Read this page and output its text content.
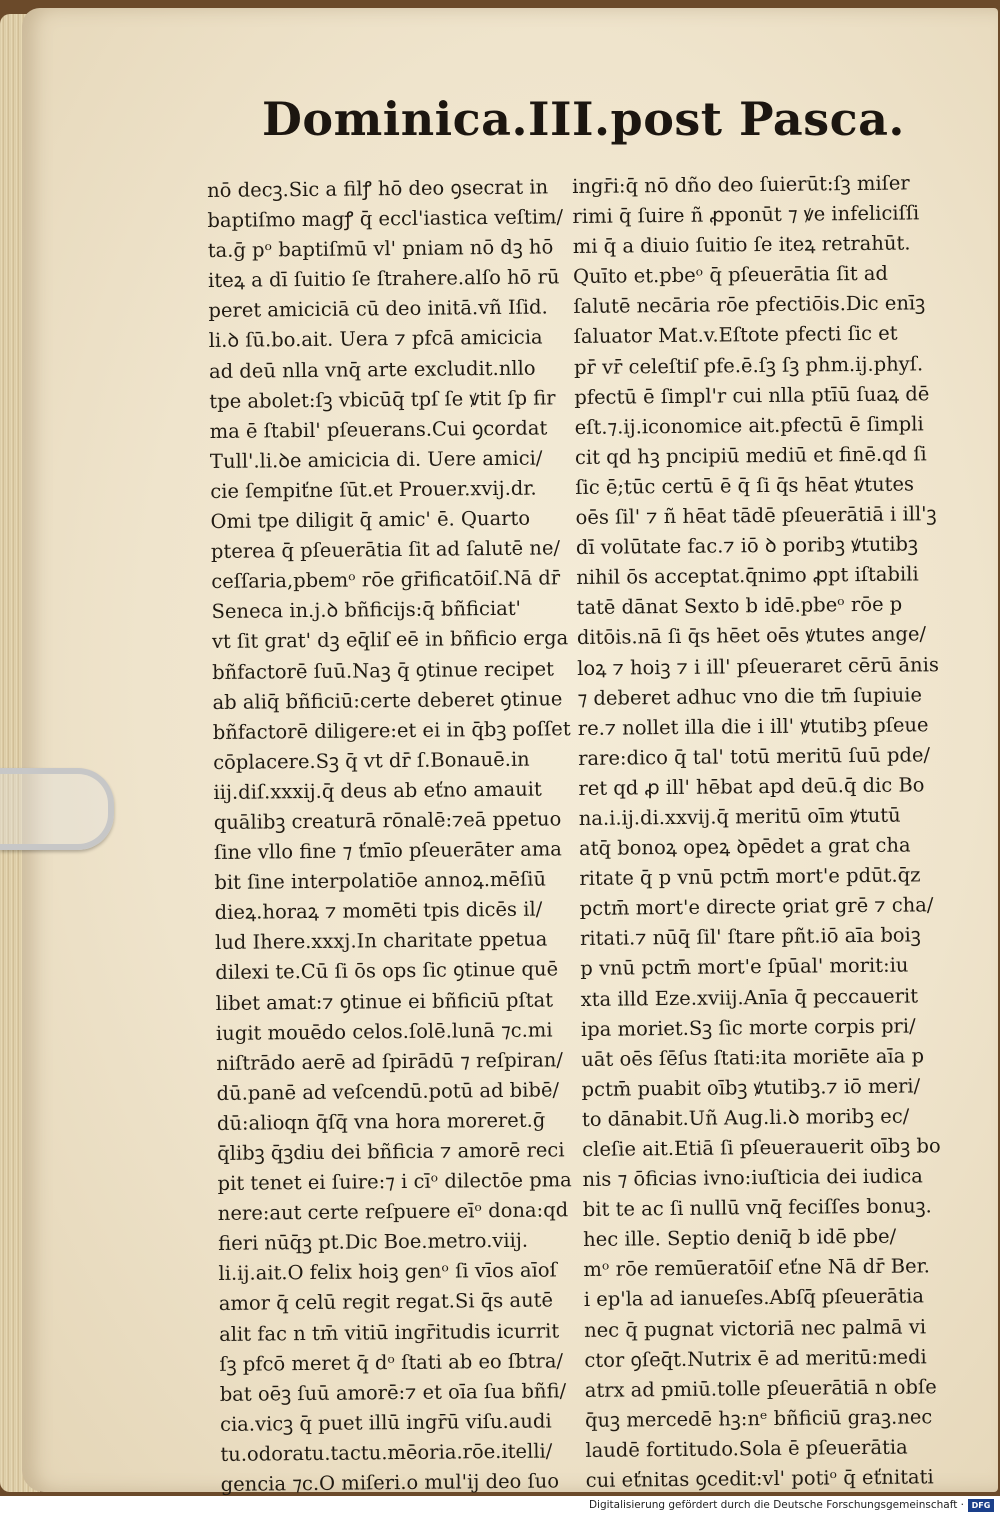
Dominica.III.post Pasca.
nō decꝫ.Sic a filꝭ hō deo ꝯsecrat in
baptiſmo magꝭ q̄ eccl'iastica veſtim/
ta.ḡ pᵒ baptiſmū vl' pniam nō dꝫ hō
iteꝝ a dī ſuitio ſe ſtrahere.alſo hō rū
peret amiciciā cū deo initā.vñ Iſid.
li.ꝺ ſū.bo.ait. Uera ⁊ pfcā amicicia
ad deū nlla vnq̄ arte excludit.nllo
tpe abolet:ſꝫ vbicūq̄ tpſ ſe ꝟtit ſp fir
ma ē ſtabil' pſeuerans.Cui ꝯcordat
Tull'.li.ꝺe amicicia di. Uere amici/
cie ſempiťne ſūt.et Prouer.xvij.dr.
Omi tpe diligit q̄ amic' ē. Quarto
pterea q̄ pſeuerātia ſit ad ſalutē ne/
ceſſaria,pbemᵒ rōe gr̄ificatōiſ.Nā dr̄
Seneca in.j.ꝺ bñficijs:q̄ bñficiat'
vt ſit grat' dꝫ eq̄liſ eē in bñficio erga
bñfactorē ſuū.Naꝫ q̄ ꝯtinue recipet
ab aliq̄ bñficiū:certe deberet ꝯtinue
bñfactorē diligere:et ei in q̄bꝫ poſſet
cōplacere.Sꝫ q̄ vt dr̄ ſ.Bonauē.in
iij.diſ.xxxij.q̄ deus ab eťno amauit
quālibꝫ creaturā rōnalē:⁊eā ppetuo
ſine vllo fine ⁊ ťmīo pſeuerāter ama
bit ſine interpolatiōe annoꝝ.mēſiū
dieꝝ.horaꝝ ⁊ momēti tpis dicēs il/
lud Ihere.xxxj.In charitate ppetua
dilexi te.Cū ſi ōs ops ſic ꝯtinue quē
libet amat:⁊ ꝯtinue ei bñficiū pſtat
iugit mouēdo celos.ſolē.lunā ⁊c.mi
niſtrādo aerē ad ſpirādū ⁊ reſpiran/
dū.panē ad veſcendū.potū ad bibē/
dū:alioqn q̄ſq̄ vna hora moreret.ḡ
q̄libꝫ q̄ꝫdiu dei bñficia ⁊ amorē reci
pit tenet ei ſuire:⁊ i cīᵒ dilectōe pma
nere:aut certe reſpuere eīᵒ dona:qd
fieri nūq̄ꝫ pt.Dic Boe.metro.viij.
li.ij.ait.O felix hoiꝫ genᵒ ſi vīos aīoſ
amor q̄ celū regit regat.Si q̄s autē
alit fac n tm̄ vitiū ingr̄itudis icurrit
ſꝫ pfcō meret q̄ dᵒ ſtati ab eo ſbtra/
bat oēꝫ ſuū amorē:⁊ et oīa ſua bñfi/
cia.vicꝫ q̄ puet illū ingr̄ū viſu.audi
tu.odoratu.tactu.mēoria.rōe.itelli/
gencia ⁊c.O miſeri.o mul'ij deo ſuo
ingr̄i:q̄ nō dño deo ſuierūt:ſꝫ miſer
rimi q̄ ſuire ñ ꝓponūt ⁊ ꝟe infeliciſſi
mi q̄ a diuio ſuitio ſe iteꝝ retrahūt.
Quīto et.pbeᵒ q̄ pſeuerātia ſit ad
ſalutē necāria rōe pfectiōis.Dic enīꝫ
ſaluator Mat.v.Eſtote pfecti ſic et
pr̄ vr̄ celeſtiſ pfe.ē.ſꝫ ſꝫ phm.ij.phyſ.
pfectū ē ſimpl'r cui nlla ptīū ſuaꝝ dē
eſt.⁊.ij.iconomice ait.pfectū ē ſimpli
cit qd hꝫ pncipiū mediū et finē.qd ſi
ſic ē;tūc certū ē q̄ ſi q̄s hēat ꝟtutes
oēs ſil' ⁊ ñ hēat tādē pſeuerātiā i ill'ꝫ
dī volūtate fac.⁊ iō ꝺ poribꝫ ꝟtutibꝫ
nihil ōs acceptat.q̄nimo ꝓpt iſtabili
tatē dānat Sexto b idē.pbeᵒ rōe p
ditōis.nā ſi q̄s hēet oēs ꝟtutes ange/
loꝝ ⁊ hoiꝫ ⁊ i ill' pſeueraret cērū ānis
⁊ deberet adhuc vno die tm̄ ſupiuie
re.⁊ nollet illa die i ill' ꝟtutibꝫ pſeue
rare:dico q̄ tal' totū meritū ſuū pde/
ret qd ꝓ ill' hēbat apd deū.q̄ dic Bo
na.i.ij.di.xxvij.q̄ meritū oīm ꝟtutū
atq̄ bonoꝝ opeꝝ ꝺpēdet a grat cha
ritate q̄ p vnū pctm̄ mort'e pdūt.q̄z
pctm̄ mort'e directe ꝯriat grē ⁊ cha/
ritati.⁊ nūq̄ ſil' ſtare pñt.iō aīa boiꝫ
p vnū pctm̄ mort'e ſpūal' morit:iu
xta illd Eze.xviij.Anīa q̄ peccauerit
ipa moriet.Sꝫ ſic morte corpis pri/
uāt oēs ſēſus ſtati:ita moriēte aīa p
pctm̄ puabit oībꝫ ꝟtutibꝫ.⁊ iō meri/
to dānabit.Uñ Aug.li.ꝺ moribꝫ ec/
cleſie ait.Etiā ſi pſeuerauerit oībꝫ bo
nis ⁊ ōficias ivno:iuſticia dei iudica
bit te ac ſi nullū vnq̄ feciſſes bonuꝫ.
hec ille. Septio deniq̄ b idē pbe/
mᵒ rōe remūeratōiſ eťne Nā dr̄ Ber.
i ep'la ad ianueſes.Abſq̄ pſeuerātia
nec q̄ pugnat victoriā nec palmā vi
ctor ꝯſeq̄t.Nutrix ē ad meritū:medi
atrx ad pmiū.tolle pſeuerātiā n obſe
q̄uꝫ mercedē hꝫ:nᵉ bñficiū graꝫ.nec
laudē fortitudo.Sola ē pſeuerātia
cui eťnitas ꝯcedit:vl' potiᵒ q̄ eťnitati
Digitalisierung gefördert durch die Deutsche Forschungsgemeinschaft · DFG
